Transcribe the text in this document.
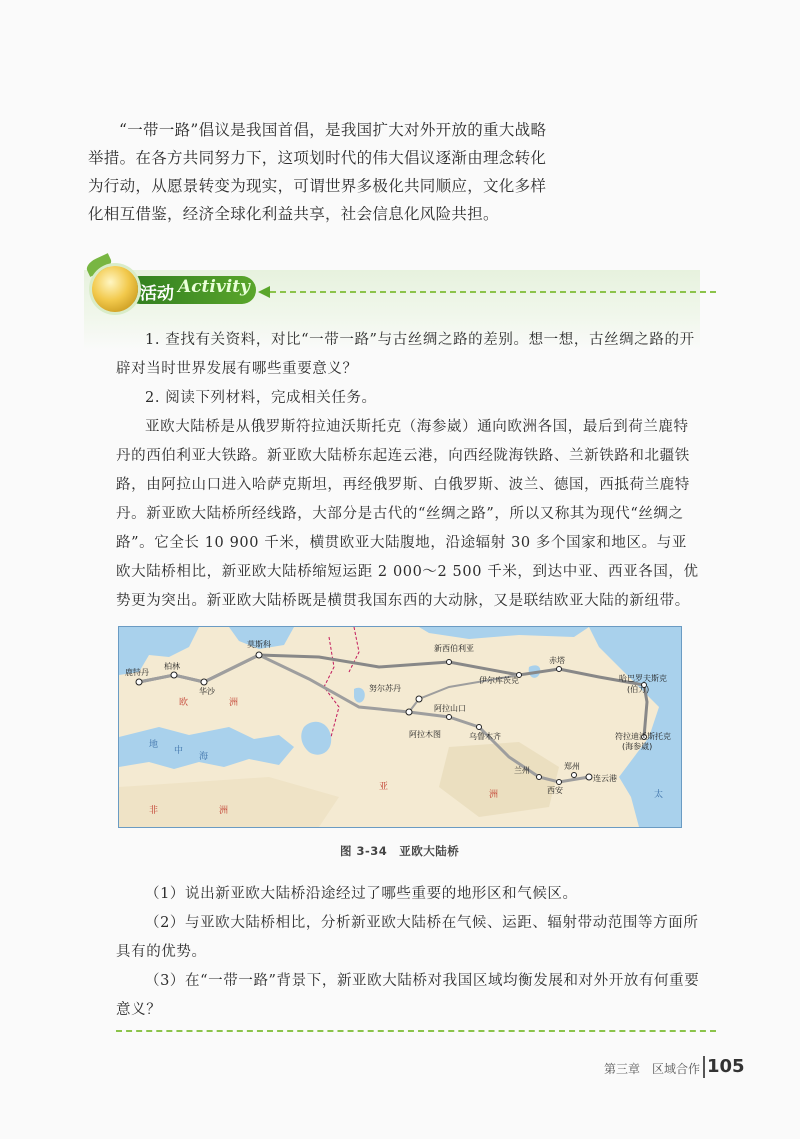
“一带一路”倡议是我国首倡，是我国扩大对外开放的重大战略举措。在各方共同努力下，这项划时代的伟大倡议逐渐由理念转化为行动，从愿景转变为现实，可谓世界多极化共同顺应，文化多样化相互借鉴，经济全球化利益共享，社会信息化风险共担。

活动 Activity

1. 查找有关资料，对比“一带一路”与古丝绸之路的差别。想一想，古丝绸之路的开辟对当时世界发展有哪些重要意义？

2. 阅读下列材料，完成相关任务。

亚欧大陆桥是从俄罗斯符拉迪沃斯托克（海参崴）通向欧洲各国，最后到荷兰鹿特丹的西伯利亚大铁路。新亚欧大陆桥东起连云港，向西经陇海铁路、兰新铁路和北疆铁路，由阿拉山口进入哈萨克斯坦，再经俄罗斯、白俄罗斯、波兰、德国，西抵荷兰鹿特丹。新亚欧大陆桥所经线路，大部分是古代的“丝绸之路”，所以又称其为现代“丝绸之路”。它全长 10 900 千米，横贯欧亚大陆腹地，沿途辐射 30 多个国家和地区。与亚欧大陆桥相比，新亚欧大陆桥缩短运距 2 000～2 500 千米，到达中亚、西亚各国，优势更为突出。新亚欧大陆桥既是横贯我国东西的大动脉，又是联结欧亚大陆的新纽带。

鹿特丹
柏林
华沙
莫斯科	新西伯利亚
伊尔库茨克
赤塔
哈巴罗夫斯克
(伯力)
符拉迪沃斯托克
(海参崴)
努尔苏丹
阿拉山口
阿拉木图	乌鲁木齐
兰州	郑州
西安
连云港
欧	洲
亚
洲
非	洲
地
中
海
太
图 3-34　亚欧大陆桥

（1）说出新亚欧大陆桥沿途经过了哪些重要的地形区和气候区。

（2）与亚欧大陆桥相比，分析新亚欧大陆桥在气候、运距、辐射带动范围等方面所具有的优势。

（3）在“一带一路”背景下，新亚欧大陆桥对我国区域均衡发展和对外开放有何重要意义？

第三章　区域合作 105
